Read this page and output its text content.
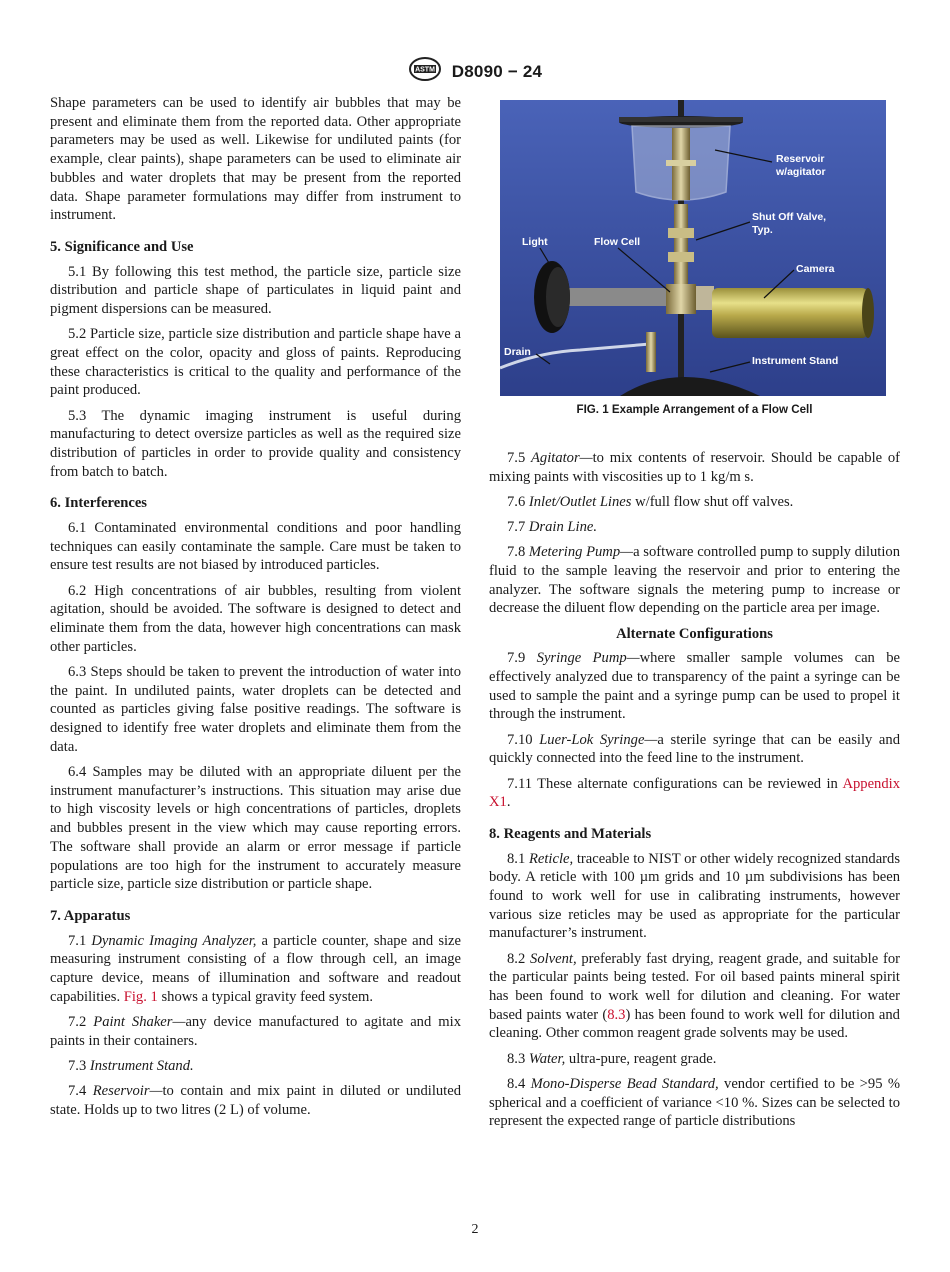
ASTM D8090 − 24

Shape parameters can be used to identify air bubbles that may be present and eliminate them from the reported data. Other appropriate parameters may be used as well. Likewise for undiluted paints (for example, clear paints), shape parameters can be used to eliminate air bubbles and water droplets that may be present from the reported data. Shape parameter formulations may differ from instrument to instrument.

5. Significance and Use

5.1 By following this test method, the particle size, particle size distribution and particle shape of particulates in liquid paint and pigment dispersions can be measured.

5.2 Particle size, particle size distribution and particle shape have a great effect on the color, opacity and gloss of paints. Reproducing these characteristics is critical to the quality and performance of the paint produced.

5.3 The dynamic imaging instrument is useful during manufacturing to detect oversize particles as well as the required size distribution of particles in order to provide quality and consistency from batch to batch.

6. Interferences

6.1 Contaminated environmental conditions and poor handling techniques can easily contaminate the sample. Care must be taken to ensure test results are not biased by introduced particles.

6.2 High concentrations of air bubbles, resulting from violent agitation, should be avoided. The software is designed to detect and eliminate them from the data, however high concentrations can mask other particles.

6.3 Steps should be taken to prevent the introduction of water into the paint. In undiluted paints, water droplets can be detected and counted as particles giving false positive readings. The software is designed to identify free water droplets and eliminate them from the data.

6.4 Samples may be diluted with an appropriate diluent per the instrument manufacturer’s instructions. This situation may arise due to high viscosity levels or high concentrations of particles, droplets and bubbles present in the view which may cause reporting errors. The software shall provide an alarm or error message if particle populations are too high for the instrument to accurately measure particle size, particle size distribution or particle shape.

7. Apparatus

7.1 Dynamic Imaging Analyzer, a particle counter, shape and size measuring instrument consisting of a flow through cell, an image capture device, means of illumination and software and readout capabilities. Fig. 1 shows a typical gravity feed system.

7.2 Paint Shaker—any device manufactured to agitate and mix paints in their containers.

7.3 Instrument Stand.

7.4 Reservoir—to contain and mix paint in diluted or undiluted state. Holds up to two litres (2 L) of volume.

Reservoir
w/agitator
Shut Off Valve,
Typ.
Light	Flow Cell
Camera
Drain
Instrument Stand
FIG. 1 Example Arrangement of a Flow Cell

7.5 Agitator—to mix contents of reservoir. Should be capable of mixing paints with viscosities up to 1 kg/m s.

7.6 Inlet/Outlet Lines w/full flow shut off valves.

7.7 Drain Line.

7.8 Metering Pump—a software controlled pump to supply dilution fluid to the sample leaving the reservoir and prior to entering the analyzer. The software signals the metering pump to increase or decrease the diluent flow depending on the particle area per image.

Alternate Configurations

7.9 Syringe Pump—where smaller sample volumes can be effectively analyzed due to transparency of the paint a syringe can be used to sample the paint and a syringe pump can be used to propel it through the instrument.

7.10 Luer-Lok Syringe—a sterile syringe that can be easily and quickly connected into the feed line to the instrument.

7.11 These alternate configurations can be reviewed in Appendix X1.

8. Reagents and Materials

8.1 Reticle, traceable to NIST or other widely recognized standards body. A reticle with 100 µm grids and 10 µm subdivisions has been found to work well for use in calibrating instruments, however various size reticles may be used as appropriate for the particular manufacturer’s instrument.

8.2 Solvent, preferably fast drying, reagent grade, and suitable for the particular paints being tested. For oil based paints mineral spirit has been found to work well for dilution and cleaning. For water based paints water (8.3) has been found to work well for dilution and cleaning. Other common reagent grade solvents may be used.

8.3 Water, ultra-pure, reagent grade.

8.4 Mono-Disperse Bead Standard, vendor certified to be >95 % spherical and a coefficient of variance <10 %. Sizes can be selected to represent the expected range of particle distributions

2
